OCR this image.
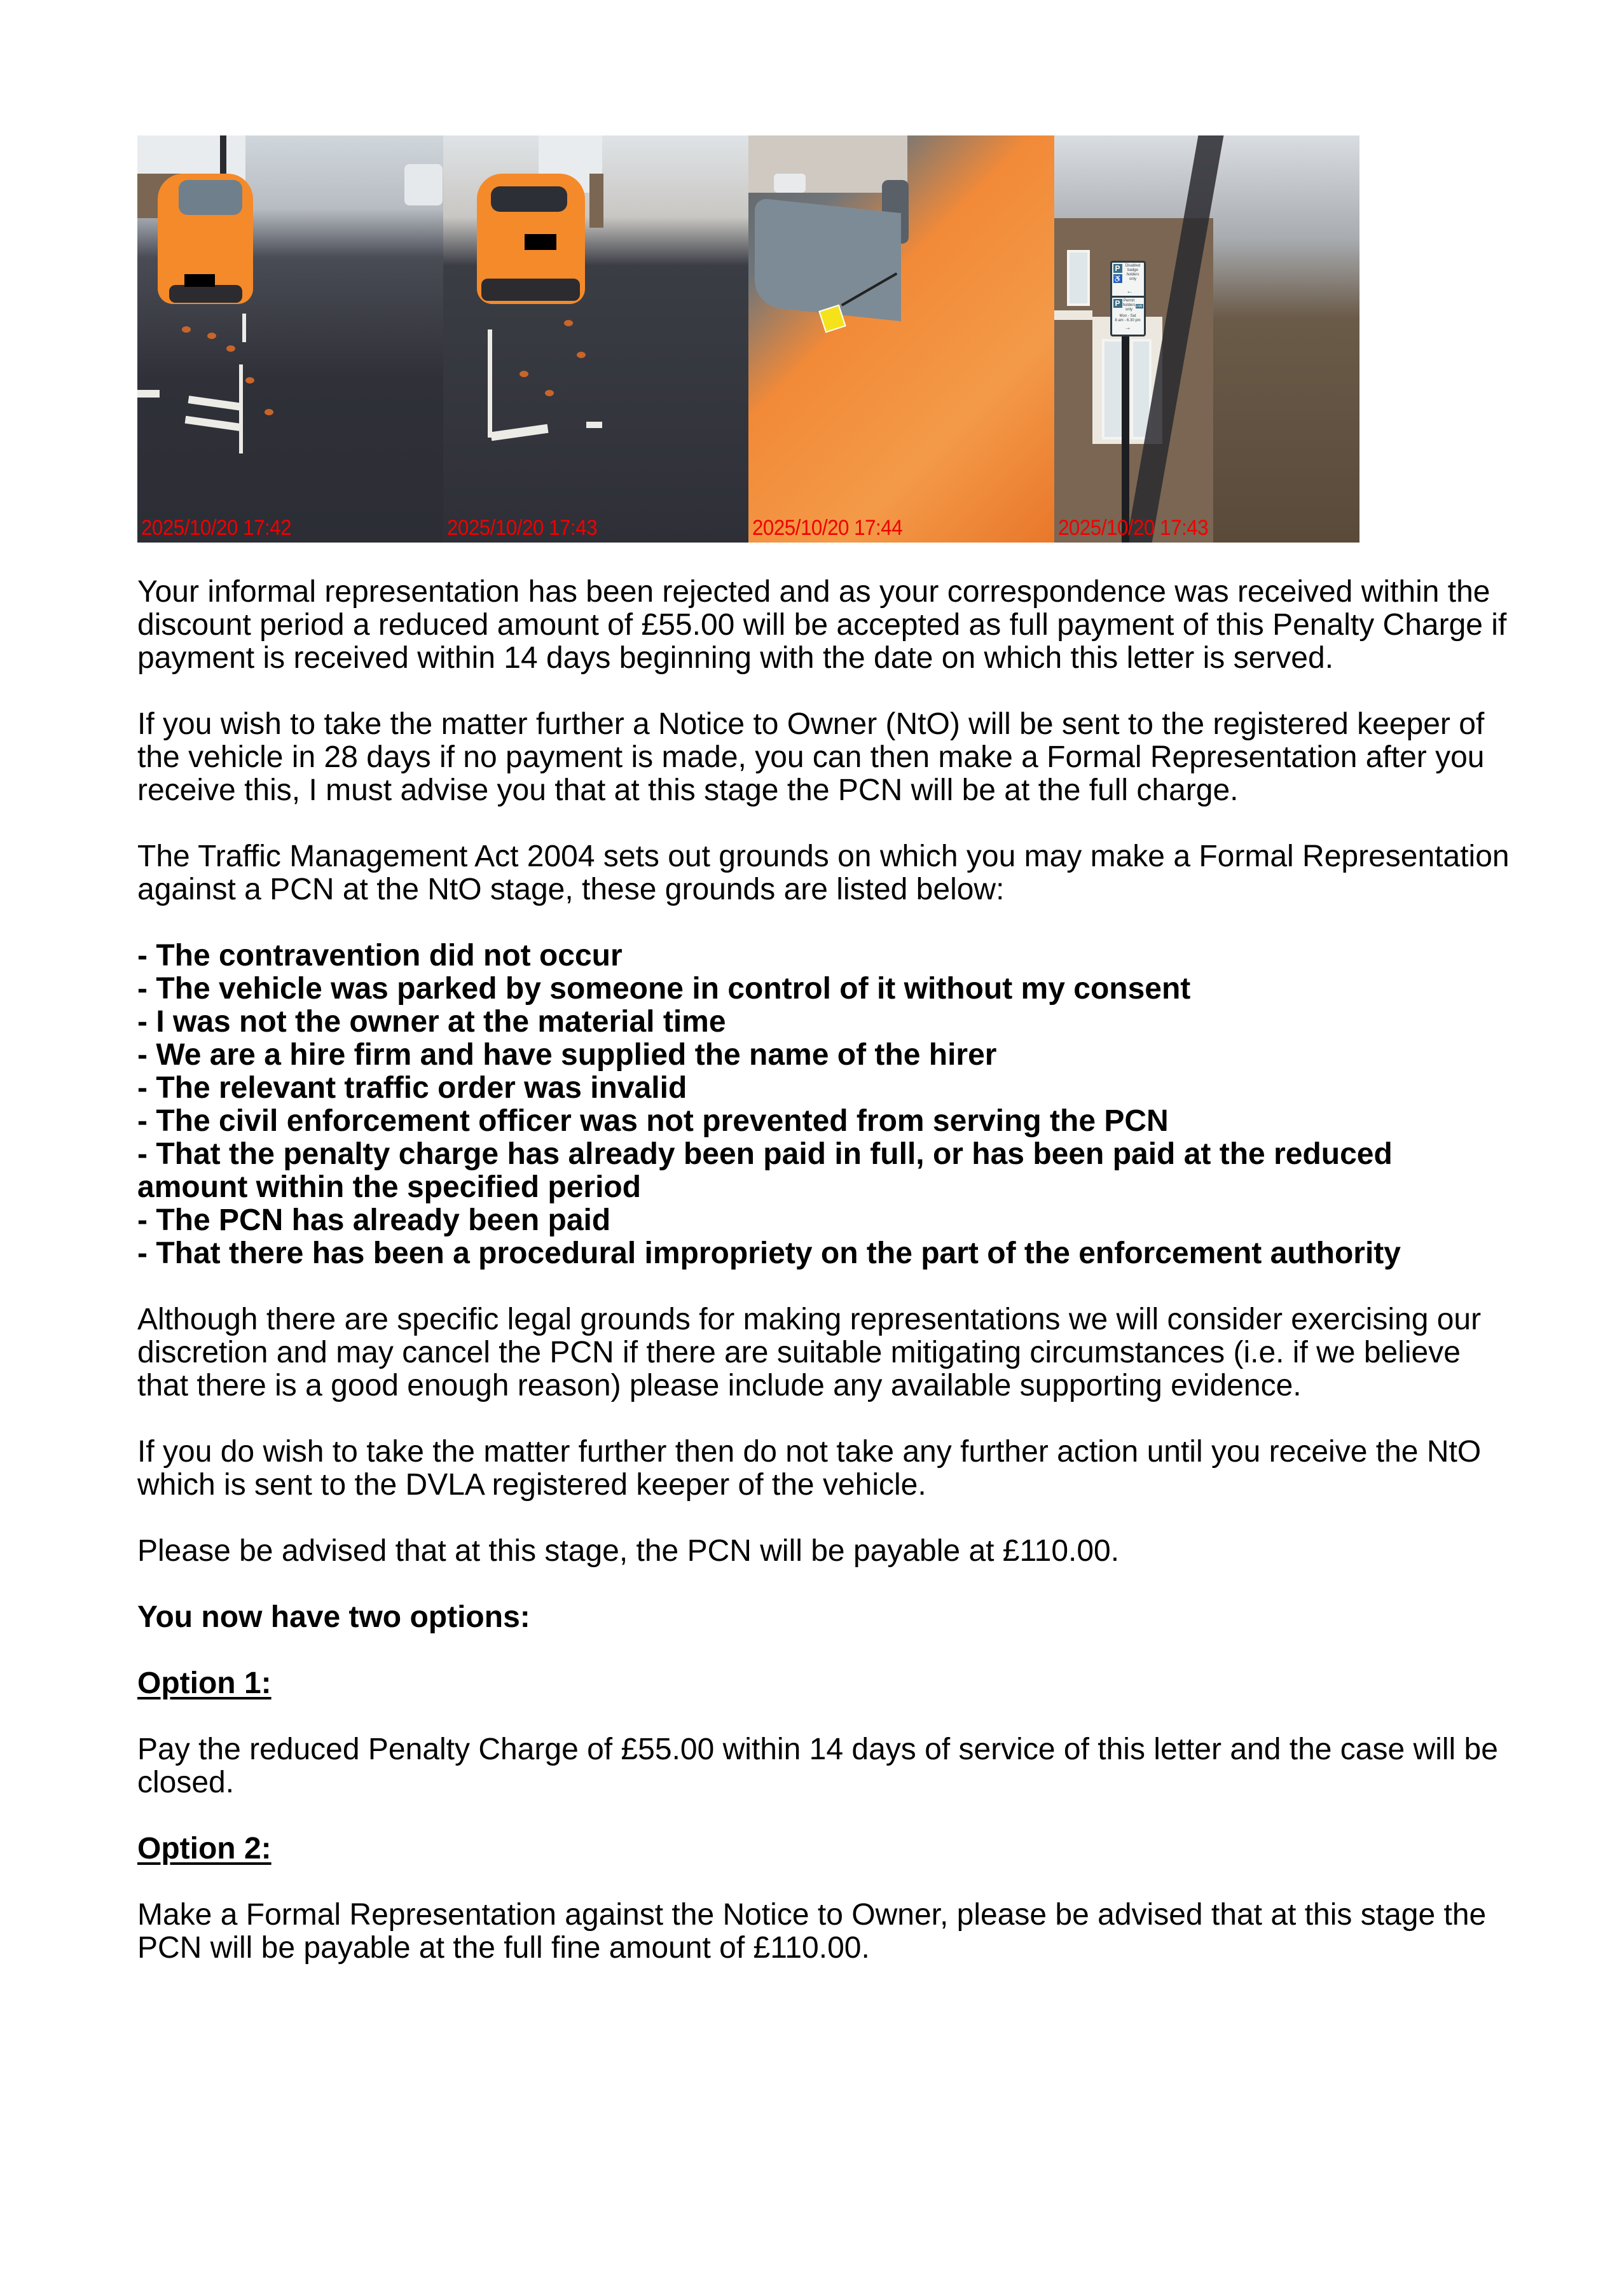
2025/10/20 17:42	2025/10/20 17:43	2025/10/20 17:44
P
♿
Disabled
badge
holders
only
←
P Permit
holders
only
LNN
Mon - Sat
8 am - 6.30 pm
→
2025/10/20 17:43

Your informal representation has been rejected and as your correspondence was received within the discount period a reduced amount of £55.00 will be accepted as full payment of this Penalty Charge if payment is received within 14 days beginning with the date on which this letter is served.

If you wish to take the matter further a Notice to Owner (NtO) will be sent to the registered keeper of the vehicle in 28 days if no payment is made, you can then make a Formal Representation after you receive this, I must advise you that at this stage the PCN will be at the full charge.

The Traffic Management Act 2004 sets out grounds on which you may make a Formal Representation against a PCN at the NtO stage, these grounds are listed below:

- The contravention did not occur
- The vehicle was parked by someone in control of it without my consent
- I was not the owner at the material time
- We are a hire firm and have supplied the name of the hirer
- The relevant traffic order was invalid
- The civil enforcement officer was not prevented from serving the PCN
- That the penalty charge has already been paid in full, or has been paid at the reduced amount within the specified period
- The PCN has already been paid
- That there has been a procedural impropriety on the part of the enforcement authority

Although there are specific legal grounds for making representations we will consider exercising our discretion and may cancel the PCN if there are suitable mitigating circumstances (i.e. if we believe that there is a good enough reason) please include any available supporting evidence.

If you do wish to take the matter further then do not take any further action until you receive the NtO which is sent to the DVLA registered keeper of the vehicle.

Please be advised that at this stage, the PCN will be payable at £110.00.

You now have two options:

Option 1:

Pay the reduced Penalty Charge of £55.00 within 14 days of service of this letter and the case will be closed.

Option 2:

Make a Formal Representation against the Notice to Owner, please be advised that at this stage the PCN will be payable at the full fine amount of £110.00.
